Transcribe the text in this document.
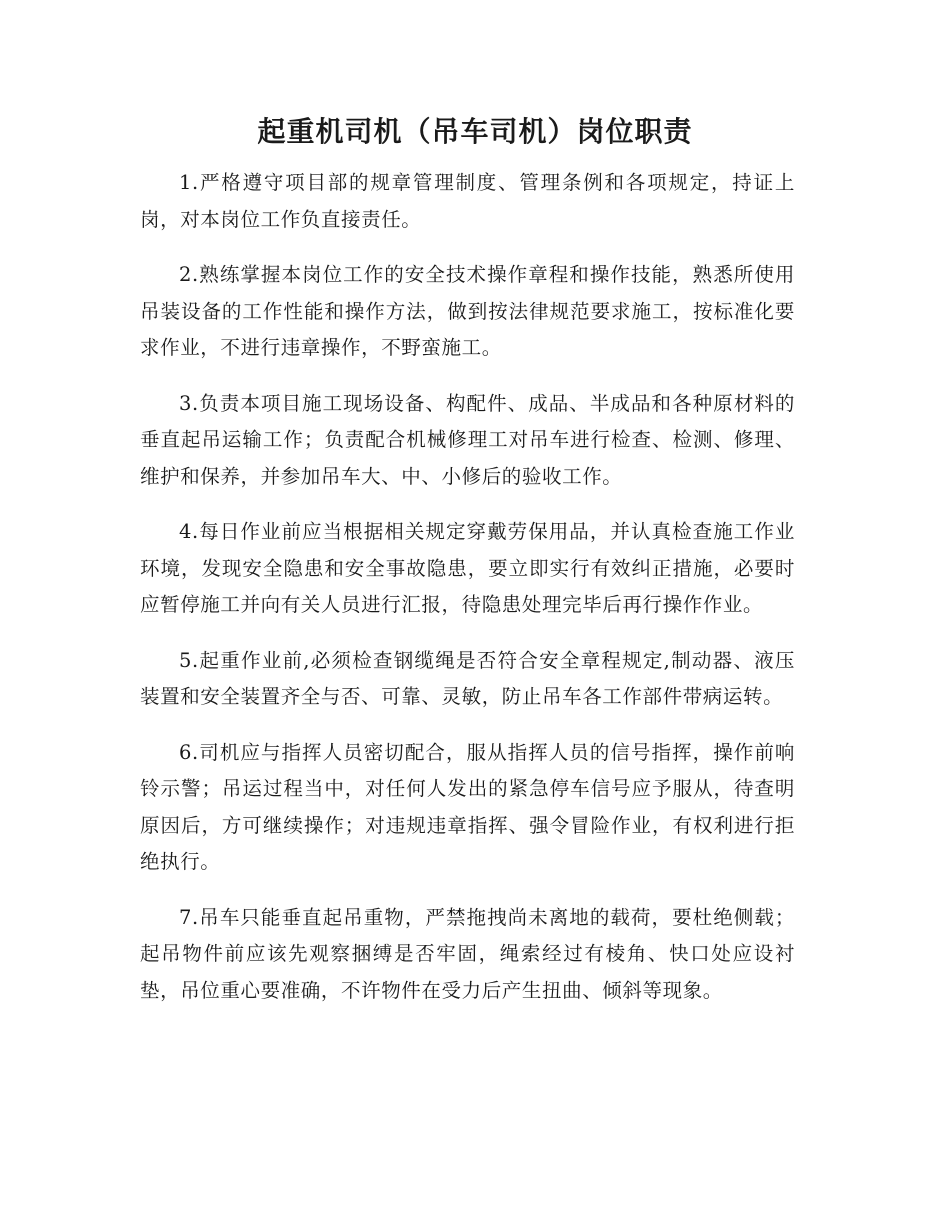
起重机司机（吊车司机）岗位职责

1.严格遵守项目部的规章管理制度、管理条例和各项规定，持证上岗，对本岗位工作负直接责任。

2.熟练掌握本岗位工作的安全技术操作章程和操作技能，熟悉所使用吊装设备的工作性能和操作方法，做到按法律规范要求施工，按标准化要求作业，不进行违章操作，不野蛮施工。

3.负责本项目施工现场设备、构配件、成品、半成品和各种原材料的垂直起吊运输工作；负责配合机械修理工对吊车进行检查、检测、修理、维护和保养，并参加吊车大、中、小修后的验收工作。

4.每日作业前应当根据相关规定穿戴劳保用品，并认真检查施工作业环境，发现安全隐患和安全事故隐患，要立即实行有效纠正措施，必要时应暂停施工并向有关人员进行汇报，待隐患处理完毕后再行操作作业。

5.起重作业前,必须检查钢缆绳是否符合安全章程规定,制动器、液压装置和安全装置齐全与否、可靠、灵敏，防止吊车各工作部件带病运转。

6.司机应与指挥人员密切配合，服从指挥人员的信号指挥，操作前响铃示警；吊运过程当中，对任何人发出的紧急停车信号应予服从，待查明原因后，方可继续操作；对违规违章指挥、强令冒险作业，有权利进行拒绝执行。

7.吊车只能垂直起吊重物，严禁拖拽尚未离地的载荷，要杜绝侧载；起吊物件前应该先观察捆缚是否牢固，绳索经过有棱角、快口处应设衬垫，吊位重心要准确，不许物件在受力后产生扭曲、倾斜等现象。
